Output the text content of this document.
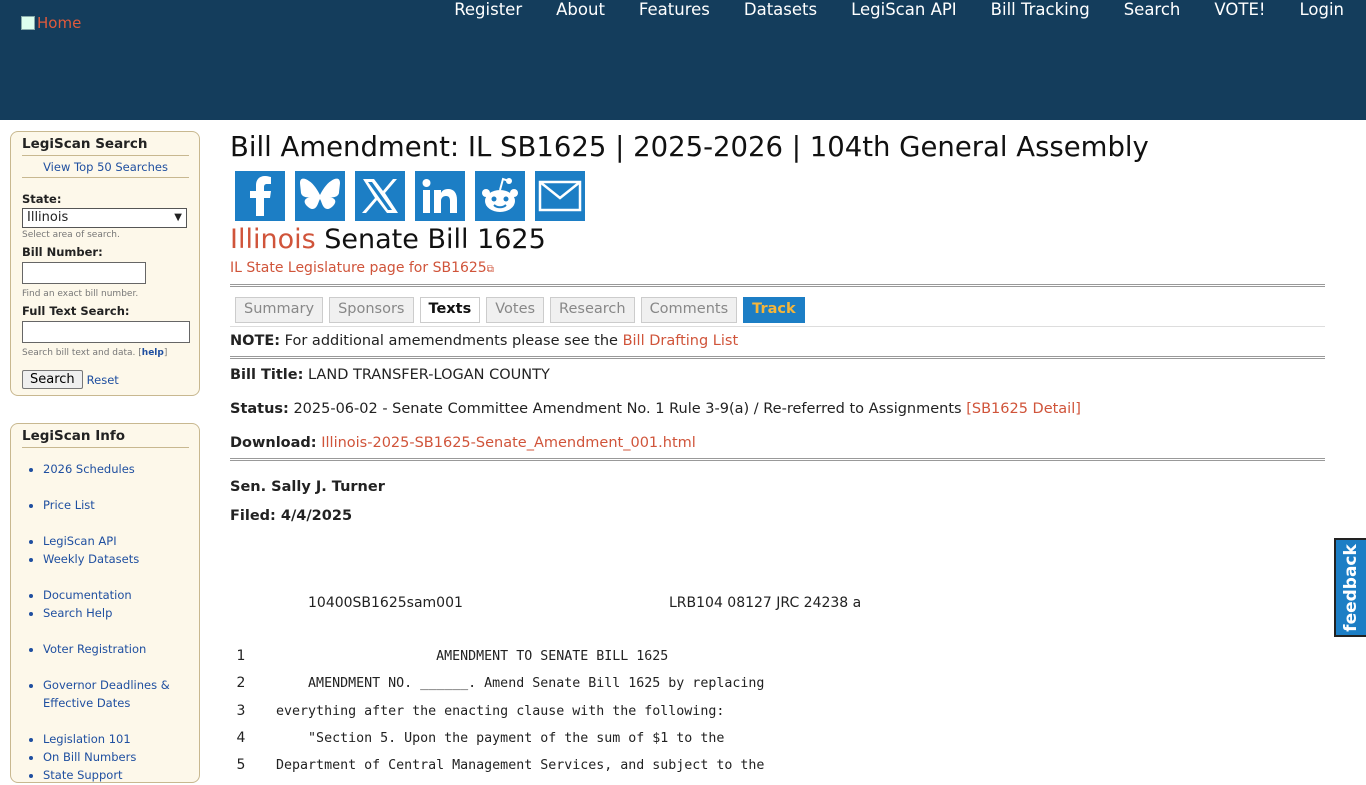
Home
Register	About	Features	Datasets	LegiScan API	Bill Tracking	Search	VOTE!	Login
LegiScan Search
View Top 50 Searches
State:
Illinois	▼
Select area of search.
Bill Number:
Find an exact bill number.
Full Text Search:
Search bill text and data. [help]
Search	Reset
LegiScan Info
• 2026 Schedules
• Price List
• LegiScan API
• Weekly Datasets
• Documentation
• Search Help
• Voter Registration
• Governor Deadlines & Effective Dates
• Legislation 101
• On Bill Numbers
• State Support
Bill Amendment: IL SB1625 | 2025-2026 | 104th General Assembly
Illinois Senate Bill 1625
IL State Legislature page for SB1625⧉
Summary	Sponsors	Texts	Votes	Research	Comments	Track
NOTE: For additional amemendments please see the Bill Drafting List
Bill Title: LAND TRANSFER-LOGAN COUNTY
Status: 2025-06-02 - Senate Committee Amendment No. 1 Rule 3-9(a) / Re-referred to Assignments [SB1625 Detail]
Download: Illinois-2025-SB1625-Senate_Amendment_001.html
Sen. Sally J. Turner
Filed: 4/4/2025
10400SB1625sam001	LRB104 08127 JRC 24238 a
1                       AMENDMENT TO SENATE BILL 1625
2       AMENDMENT NO. ______. Amend Senate Bill 1625 by replacing
3 everything after the enacting clause with the following:
4       "Section 5. Upon the payment of the sum of $1 to the
5 Department of Central Management Services, and subject to the
feedback
